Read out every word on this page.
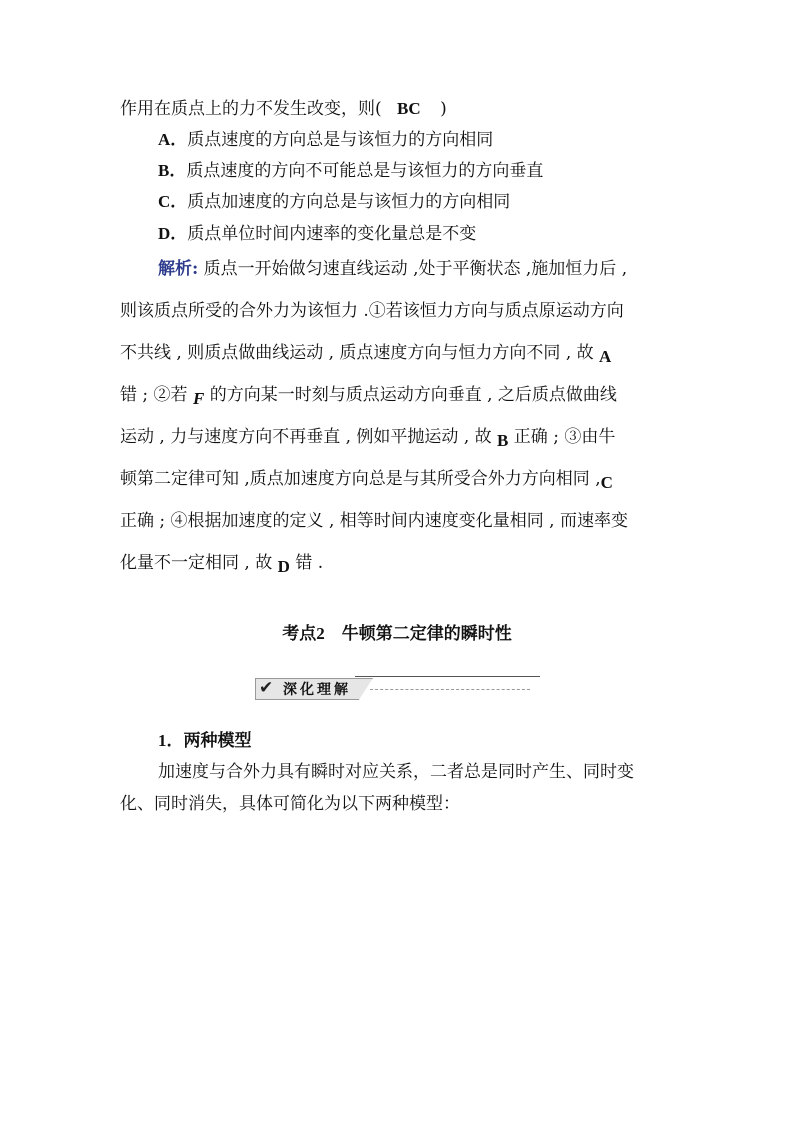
作用在质点上的力不发生改变，则( BC )
A．质点速度的方向总是与该恒力的方向相同
B．质点速度的方向不可能总是与该恒力的方向垂直
C．质点加速度的方向总是与该恒力的方向相同
D．质点单位时间内速率的变化量总是不变
解析: 质点一开始做匀速直线运动 ,处于平衡状态 ,施加恒力后 ,
则该质点所受的合外力为该恒力 .①若该恒力方向与质点原运动方向
不共线 , 则质点做曲线运动 , 质点速度方向与恒力方向不同 , 故 A
错 ; ②若 F 的方向某一时刻与质点运动方向垂直 , 之后质点做曲线
运动 , 力与速度方向不再垂直 , 例如平抛运动 , 故 B 正确 ; ③由牛
顿第二定律可知 ,质点加速度方向总是与其所受合外力方向相同 ,C
正确 ; ④根据加速度的定义 , 相等时间内速度变化量相同 , 而速率变
化量不一定相同 , 故 D 错 .
考点2　牛顿第二定律的瞬时性
✔ 深化理解
1．两种模型
加速度与合外力具有瞬时对应关系，二者总是同时产生、同时变
化、同时消失，具体可简化为以下两种模型：
